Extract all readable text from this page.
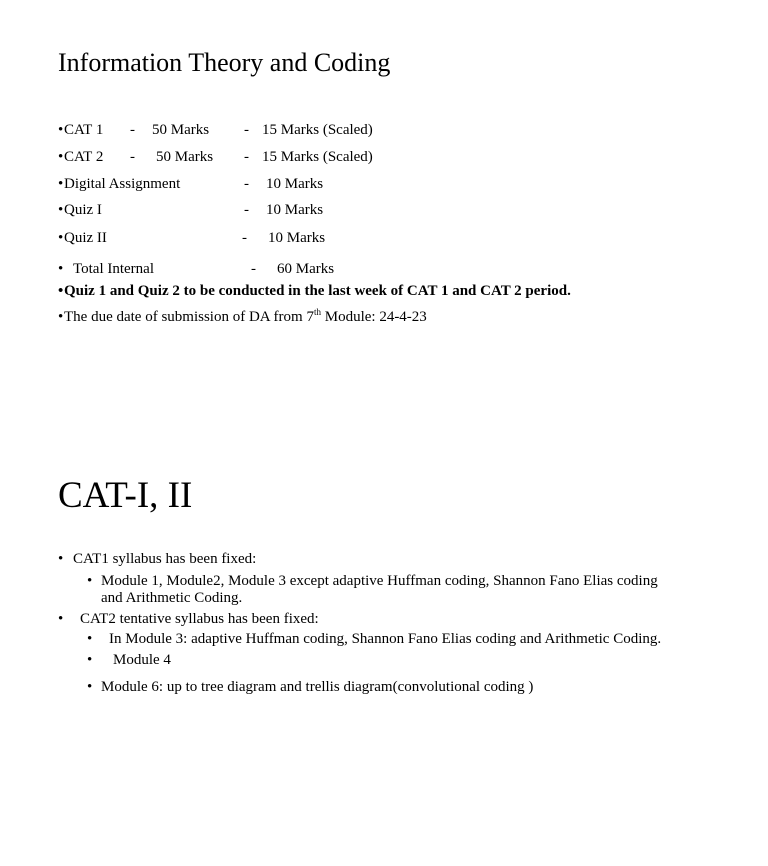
Information Theory and Coding
• CAT 1 - 50 Marks - 15 Marks (Scaled)
• CAT 2 - 50 Marks - 15 Marks (Scaled)
• Digital Assignment	- 10 Marks
• Quiz I	- 10 Marks
• Quiz II	- 10 Marks
• Total Internal	- 60 Marks
• Quiz 1 and Quiz 2 to be conducted in the last week of CAT 1 and CAT 2 period.
• The due date of submission of DA from 7th Module: 24-4-23
CAT-I, II
• CAT1 syllabus has been fixed:
• Module 1, Module2, Module 3 except adaptive Huffman coding, Shannon Fano Elias coding
and Arithmetic Coding.
• CAT2 tentative syllabus has been fixed:
• In Module 3: adaptive Huffman coding, Shannon Fano Elias coding and Arithmetic Coding.
• Module 4
• Module 6: up to tree diagram and trellis diagram(convolutional coding )
